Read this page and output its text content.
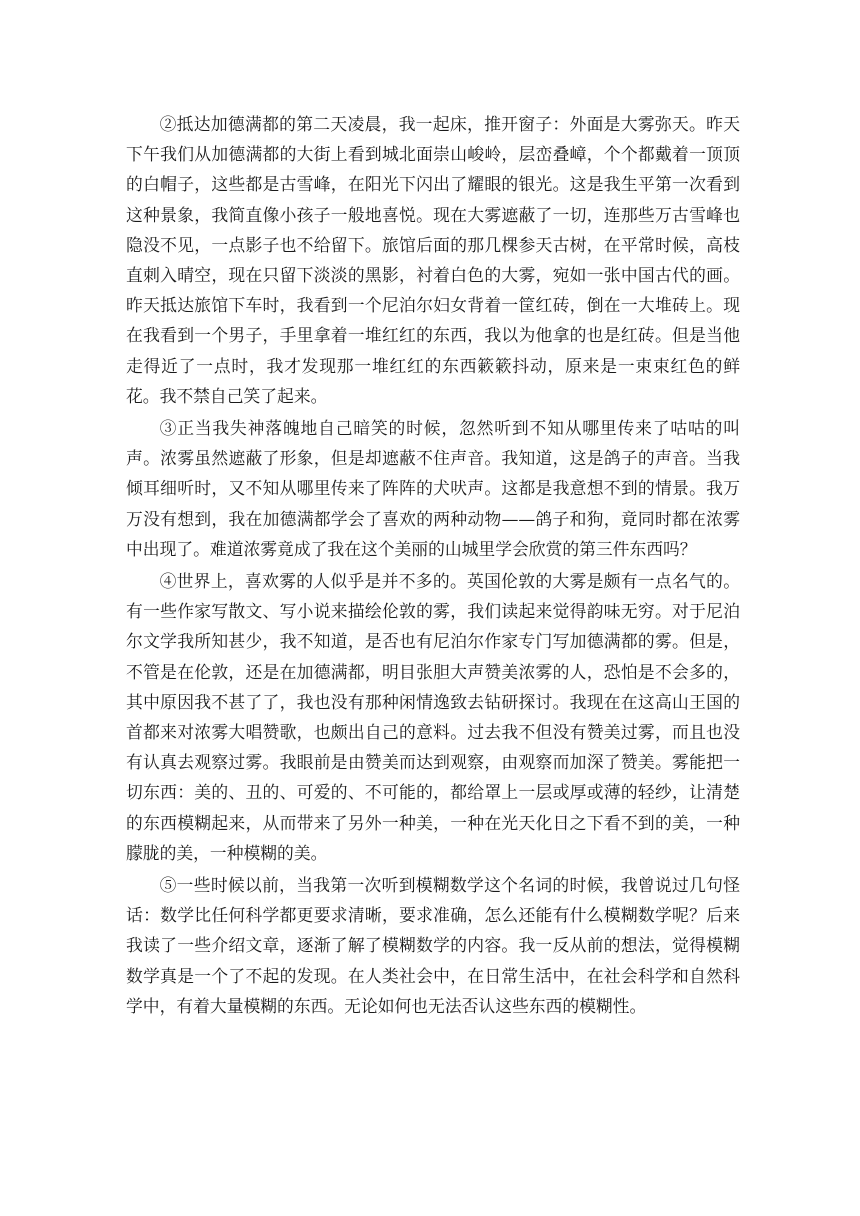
②抵达加德满都的第二天凌晨，我一起床，推开窗子：外面是大雾弥天。昨天下午我们从加德满都的大街上看到城北面崇山峻岭，层峦叠嶂，个个都戴着一顶顶的白帽子，这些都是古雪峰，在阳光下闪出了耀眼的银光。这是我生平第一次看到这种景象，我简直像小孩子一般地喜悦。现在大雾遮蔽了一切，连那些万古雪峰也隐没不见，一点影子也不给留下。旅馆后面的那几棵参天古树，在平常时候，高枝直刺入晴空，现在只留下淡淡的黑影，衬着白色的大雾，宛如一张中国古代的画。昨天抵达旅馆下车时，我看到一个尼泊尔妇女背着一筐红砖，倒在一大堆砖上。现在我看到一个男子，手里拿着一堆红红的东西，我以为他拿的也是红砖。但是当他走得近了一点时，我才发现那一堆红红的东西簌簌抖动，原来是一束束红色的鲜花。我不禁自己笑了起来。

③正当我失神落魄地自己暗笑的时候，忽然听到不知从哪里传来了咕咕的叫声。浓雾虽然遮蔽了形象，但是却遮蔽不住声音。我知道，这是鸽子的声音。当我倾耳细听时，又不知从哪里传来了阵阵的犬吠声。这都是我意想不到的情景。我万万没有想到，我在加德满都学会了喜欢的两种动物——鸽子和狗，竟同时都在浓雾中出现了。难道浓雾竟成了我在这个美丽的山城里学会欣赏的第三件东西吗？

④世界上，喜欢雾的人似乎是并不多的。英国伦敦的大雾是颇有一点名气的。有一些作家写散文、写小说来描绘伦敦的雾，我们读起来觉得韵味无穷。对于尼泊尔文学我所知甚少，我不知道，是否也有尼泊尔作家专门写加德满都的雾。但是，不管是在伦敦，还是在加德满都，明目张胆大声赞美浓雾的人，恐怕是不会多的，其中原因我不甚了了，我也没有那种闲情逸致去钻研探讨。我现在在这高山王国的首都来对浓雾大唱赞歌，也颇出自己的意料。过去我不但没有赞美过雾，而且也没有认真去观察过雾。我眼前是由赞美而达到观察，由观察而加深了赞美。雾能把一切东西：美的、丑的、可爱的、不可能的，都给罩上一层或厚或薄的轻纱，让清楚的东西模糊起来，从而带来了另外一种美，一种在光天化日之下看不到的美，一种朦胧的美，一种模糊的美。

⑤一些时候以前，当我第一次听到模糊数学这个名词的时候，我曾说过几句怪话：数学比任何科学都更要求清晰，要求准确，怎么还能有什么模糊数学呢？后来我读了一些介绍文章，逐渐了解了模糊数学的内容。我一反从前的想法，觉得模糊数学真是一个了不起的发现。在人类社会中，在日常生活中，在社会科学和自然科学中，有着大量模糊的东西。无论如何也无法否认这些东西的模糊性。
